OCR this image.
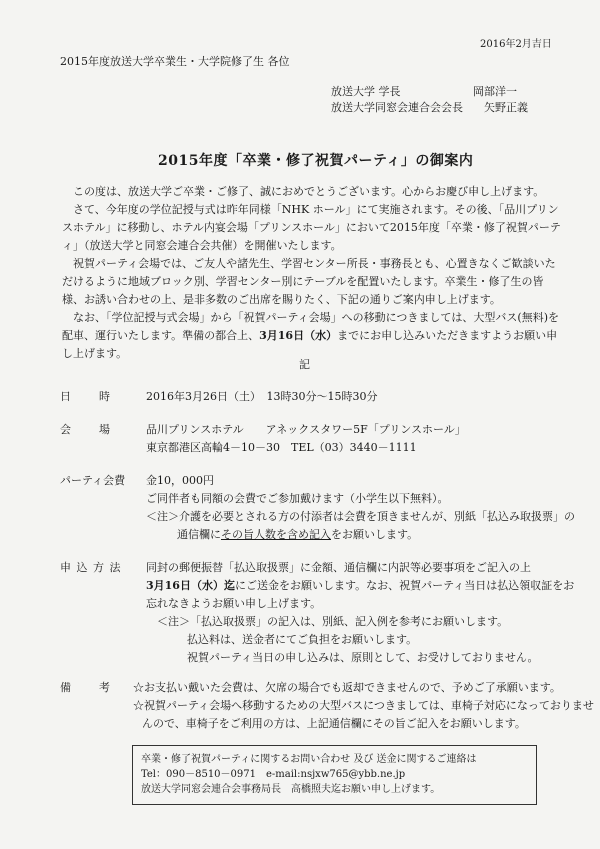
2016年2月吉日
2015年度放送大学卒業生・大学院修了生 各位
放送大学 学長	岡部洋一
放送大学同窓会連合会会長 矢野正義
2015年度「卒業・修了祝賀パーティ」の御案内

この度は、放送大学ご卒業・ご修了、誠におめでとうございます。心からお慶び申し上げます。

さて、今年度の学位記授与式は昨年同様「NHK ホール」にて実施されます。その後、「品川プリンスホテル」に移動し、ホテル内宴会場「プリンスホール」において2015年度「卒業・修了祝賀パーティ」（放送大学と同窓会連合会共催）を開催いたします。

祝賀パーティ会場では、ご友人や諸先生、学習センター所長・事務長とも、心置きなくご歓談いただけるように地域ブロック別、学習センター別にテーブルを配置いたします。卒業生・修了生の皆様、お誘い合わせの上、是非多数のご出席を賜りたく、下記の通りご案内申し上げます。

なお、「学位記授与式会場」から「祝賀パーティ会場」への移動につきましては、大型バス(無料)を配車、運行いたします。準備の都合上、3月16日（水）までにお申し込みいただきますようお願い申し上げます。

記
日　　時	2016年3月26日（土）　13時30分～15時30分
会　　場	品川プリンスホテル　　アネックスタワー5F「プリンスホール」
東京都港区高輪4－10－30　TEL（03）3440－1111
パーティ会費 金10，000円
ご同伴者も同額の会費でご参加戴けます（小学生以下無料）。
＜注＞介護を必要とされる方の付添者は会費を頂きませんが、別紙「払込み取扱票」の
通信欄にその旨人数を含め記入をお願いします。
申 込 方 法 同封の郵便振替「払込取扱票」に金額、通信欄に内訳等必要事項をご記入の上
3月16日（水）迄にご送金をお願いします。なお、祝賀パーティ当日は払込領収証をお
忘れなきようお願い申し上げます。
＜注＞「払込取扱票」の記入は、別紙、記入例を参考にお願いします。
払込料は、送金者にてご負担をお願いします。
祝賀パーティ当日の申し込みは、原則として、お受けしておりません。
備　　考 ☆お支払い戴いた会費は、欠席の場合でも返却できませんので、予めご了承願います。
☆祝賀パーティ会場へ移動するための大型バスにつきましては、車椅子対応になっておりませ
んので、車椅子をご利用の方は、上記通信欄にその旨ご記入をお願いします。
卒業・修了祝賀パーティに関するお問い合わせ 及び 送金に関するご連絡は
Tel：090－8510－0971　e-mail:nsjxw765@ybb.ne.jp
放送大学同窓会連合会事務局長　高橋照夫迄お願い申し上げます。
